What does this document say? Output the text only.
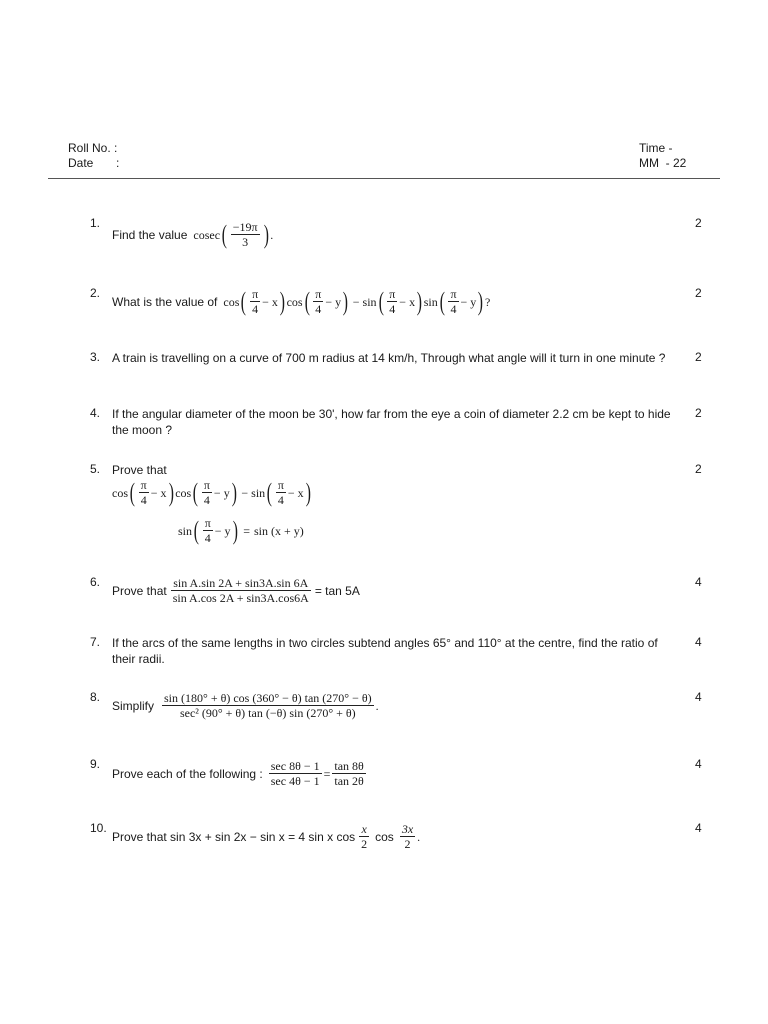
Roll No. :
Date :
Time -
MM  - 22
1.	2
Find the value cosec ( $\frac{-19\pi}{3}$ ) .
2.	2
What is the value of cos ( $\frac{\pi}{4} - x$ ) cos ( $\frac{\pi}{4} - y$ ) − sin ( $\frac{\pi}{4} - x$ ) sin ( $\frac{\pi}{4} - y$ ) ?
3.	2
A train is travelling on a curve of 700 m radius at 14 km/h, Through what angle will it turn in one minute ?
4.	2
If the angular diameter of the moon be 30', how far from the eye a coin of diameter 2.2 cm be kept to hide the moon ?
5.	2
Prove that
cos ( $\frac{\pi}{4} - x$ ) cos ( $\frac{\pi}{4} - y$ ) − sin ( $\frac{\pi}{4} - x$ )
sin ( $\frac{\pi}{4} - y$ ) = sin (x + y)
6.	4
Prove that $\frac{\text{sin A.sin 2A + sin3A.sin 6A}}{\text{sin A.cos 2A + sin3A.cos6A}} = \tan 5A$
7.	4
If the arcs of the same lengths in two circles subtend angles 65° and 110° at the centre, find the ratio of their radii.
8.	4
Simplify $\frac{\sin (180^\circ + \theta) \cos (360^\circ - \theta) \tan (270^\circ - \theta)}{\text{sec² (90° + θ) tan (−θ) sin (270° + θ)}}$ .
9.	4
Prove each of the following : $\frac{\sec 8\theta - 1}{\sec 4\theta - 1} = \frac{\tan 8\theta}{\tan 2\theta}$
10.	4
Prove that sin 3x + sin 2x − sin x = 4 sin x $\cos \frac{x}{2}$ $\cos \frac{3x}{2}$ .
